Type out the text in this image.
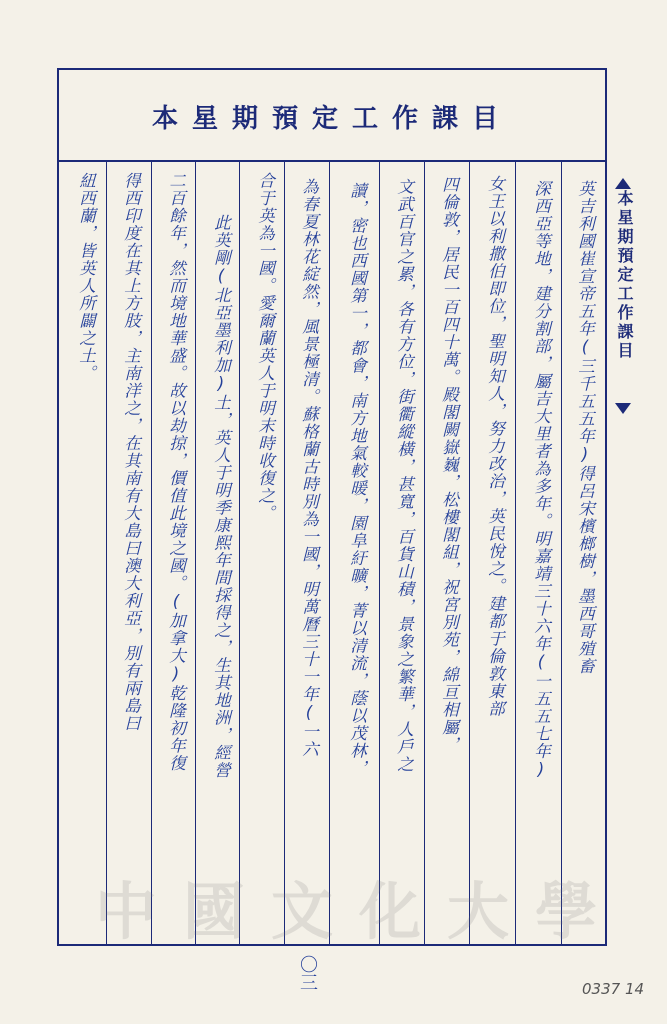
本星期預定工作課目
英吉利國崔宣帝五年(三千五五年)得呂宋檳榔樹，墨西哥殖畜
深西亞等地，建分割部，屬吉大里者為多年。明嘉靖三十六年(一五五七年)
女王以利撒伯即位，聖明知人，努力改治，英民悅之。建都于倫敦東部
四倫敦，居民一百四十萬。殿閣闕嶽巍，松樓閣組，祝宮別苑，綿亘相屬，
文武百官之累，各有方位，街衢縱橫，甚寬，百貨山積，景象之繁華，人戶之
讀，密也西國第一，都會，南方地氣較暖，園阜紆曠，菁以清流，蔭以茂林，
為春夏林花綻然，風景極清。蘇格蘭古時別為一國，明萬曆三十一年(一六
合于英為一國。愛爾蘭英人于明末時收復之。
此英剛(北亞墨利加)土，英人于明季康熙年間採得之，生其地洲，經營
二百餘年，然而境地華盛。故以劫掠，價值此境之國。(加拿大)乾隆初年復
得西印度在其上方肢，主南洋之，在其南有大島曰澳大利亞，別有兩島曰
紐西蘭，皆英人所闢之土。	本星期預定工作課目
中國文化大學
〇三	0337 14
